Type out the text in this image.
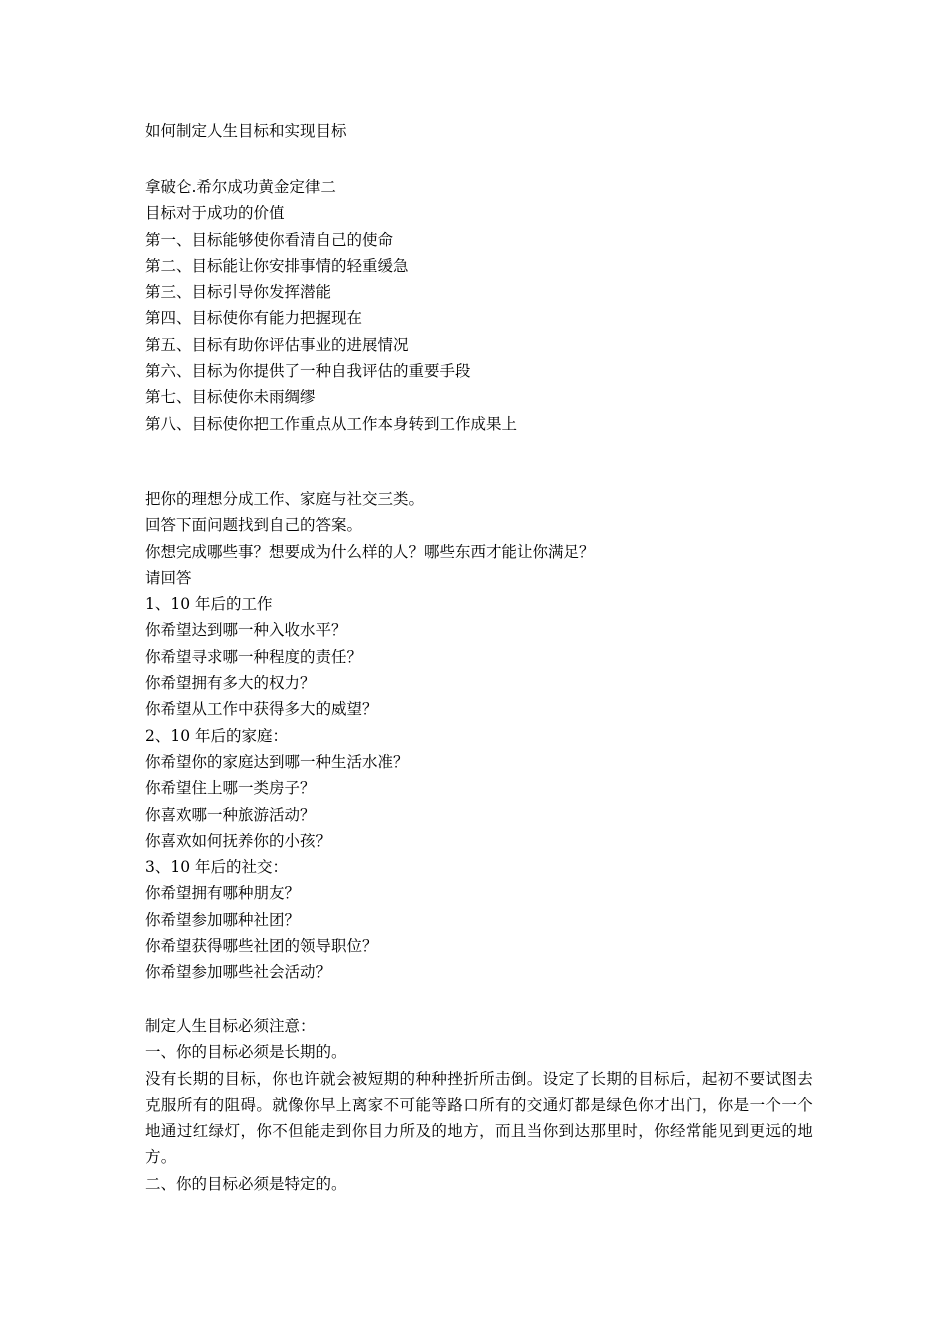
如何制定人生目标和实现目标
拿破仑.希尔成功黄金定律二
目标对于成功的价值
第一、目标能够使你看清自己的使命
第二、目标能让你安排事情的轻重缓急
第三、目标引导你发挥潜能
第四、目标使你有能力把握现在
第五、目标有助你评估事业的进展情况
第六、目标为你提供了一种自我评估的重要手段
第七、目标使你未雨绸缪
第八、目标使你把工作重点从工作本身转到工作成果上
把你的理想分成工作、家庭与社交三类。
回答下面问题找到自己的答案。
你想完成哪些事？想要成为什么样的人？哪些东西才能让你满足？
请回答
1、10 年后的工作
你希望达到哪一种入收水平？
你希望寻求哪一种程度的责任？
你希望拥有多大的权力？
你希望从工作中获得多大的威望？
2、10 年后的家庭：
你希望你的家庭达到哪一种生活水准？
你希望住上哪一类房子？
你喜欢哪一种旅游活动？
你喜欢如何抚养你的小孩？
3、10 年后的社交：
你希望拥有哪种朋友？
你希望参加哪种社团？
你希望获得哪些社团的领导职位？
你希望参加哪些社会活动？
制定人生目标必须注意：
一、你的目标必须是长期的。
没有长期的目标，你也许就会被短期的种种挫折所击倒。设定了长期的目标后，起初不要试图去克服所有的阻碍。就像你早上离家不可能等路口所有的交通灯都是绿色你才出门，你是一个一个地通过红绿灯，你不但能走到你目力所及的地方，而且当你到达那里时，你经常能见到更远的地方。
二、你的目标必须是特定的。
